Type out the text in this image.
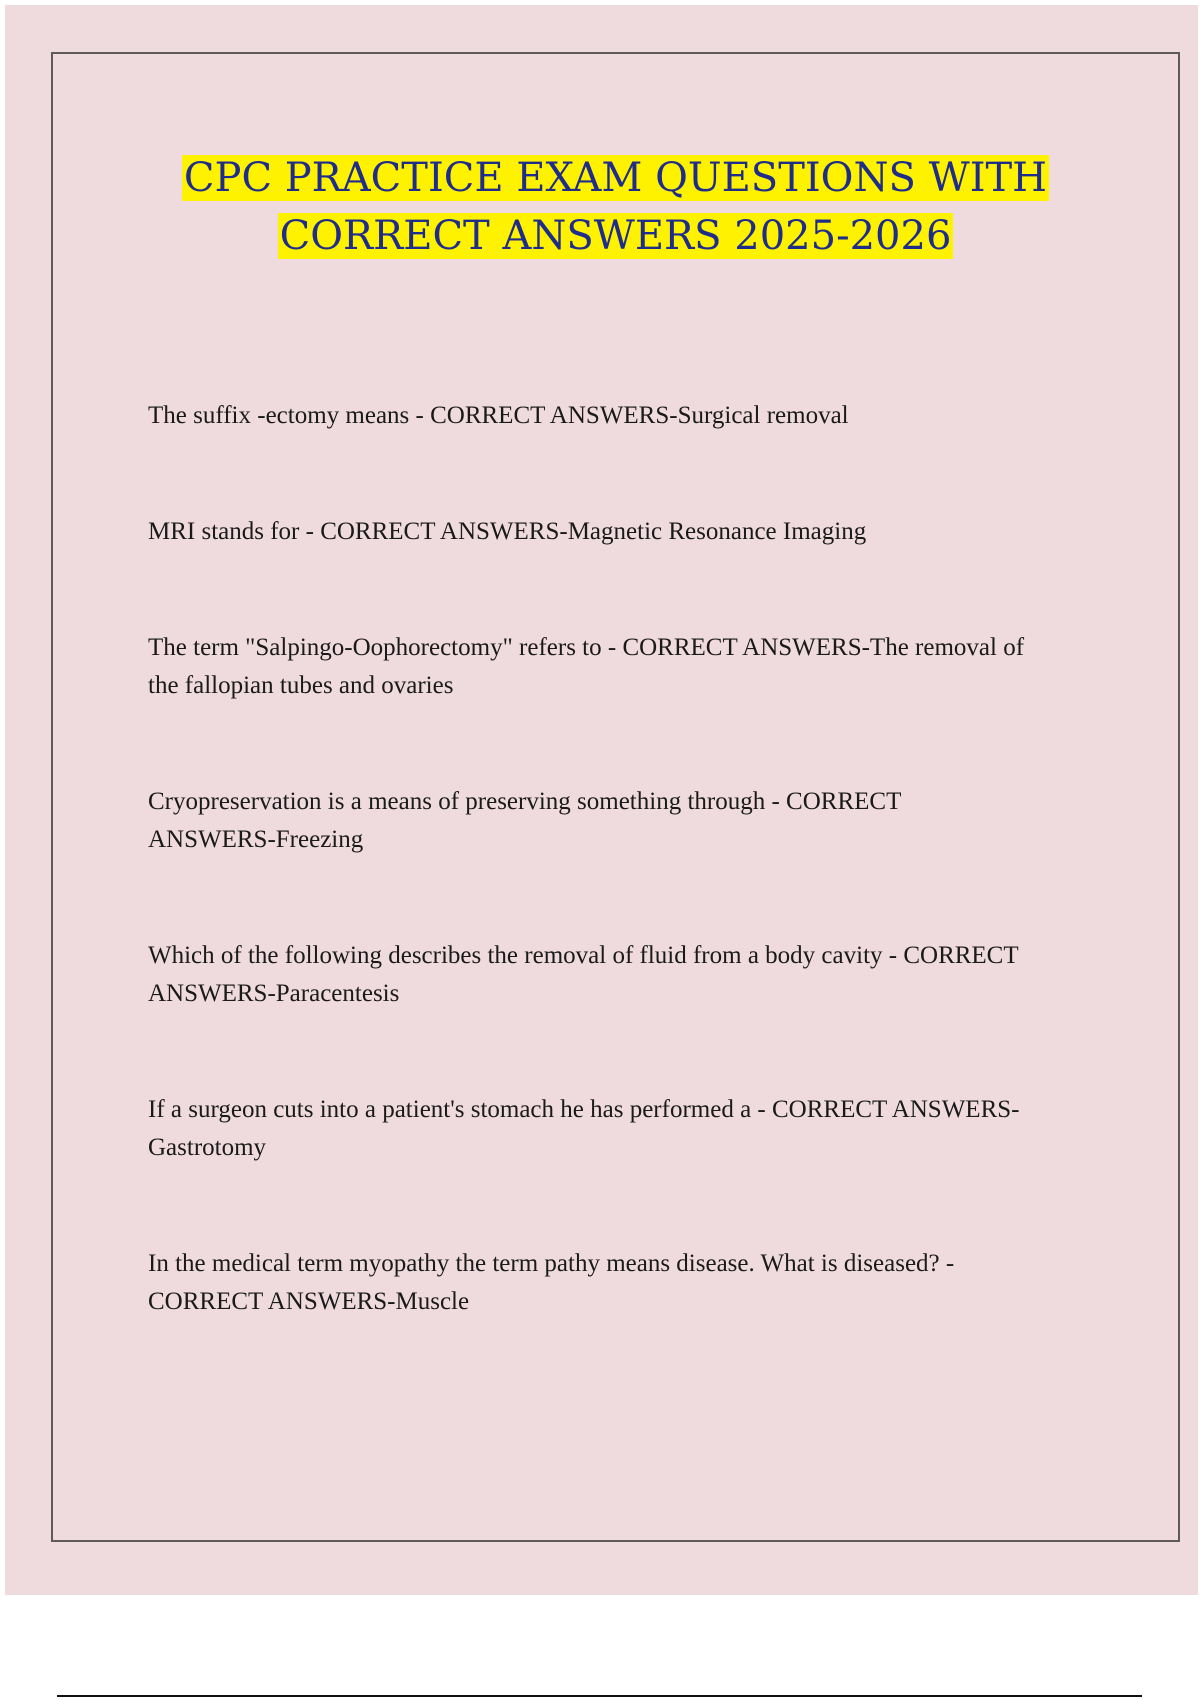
CPC PRACTICE EXAM QUESTIONS WITH
CORRECT ANSWERS 2025-2026
The suffix -ectomy means - CORRECT ANSWERS-Surgical removal
MRI stands for - CORRECT ANSWERS-Magnetic Resonance Imaging
The term "Salpingo-Oophorectomy" refers to - CORRECT ANSWERS-The removal of the fallopian tubes and ovaries
Cryopreservation is a means of preserving something through - CORRECT ANSWERS-Freezing
Which of the following describes the removal of fluid from a body cavity - CORRECT ANSWERS-Paracentesis
If a surgeon cuts into a patient's stomach he has performed a - CORRECT ANSWERS-Gastrotomy
In the medical term myopathy the term pathy means disease. What is diseased? - CORRECT ANSWERS-Muscle
